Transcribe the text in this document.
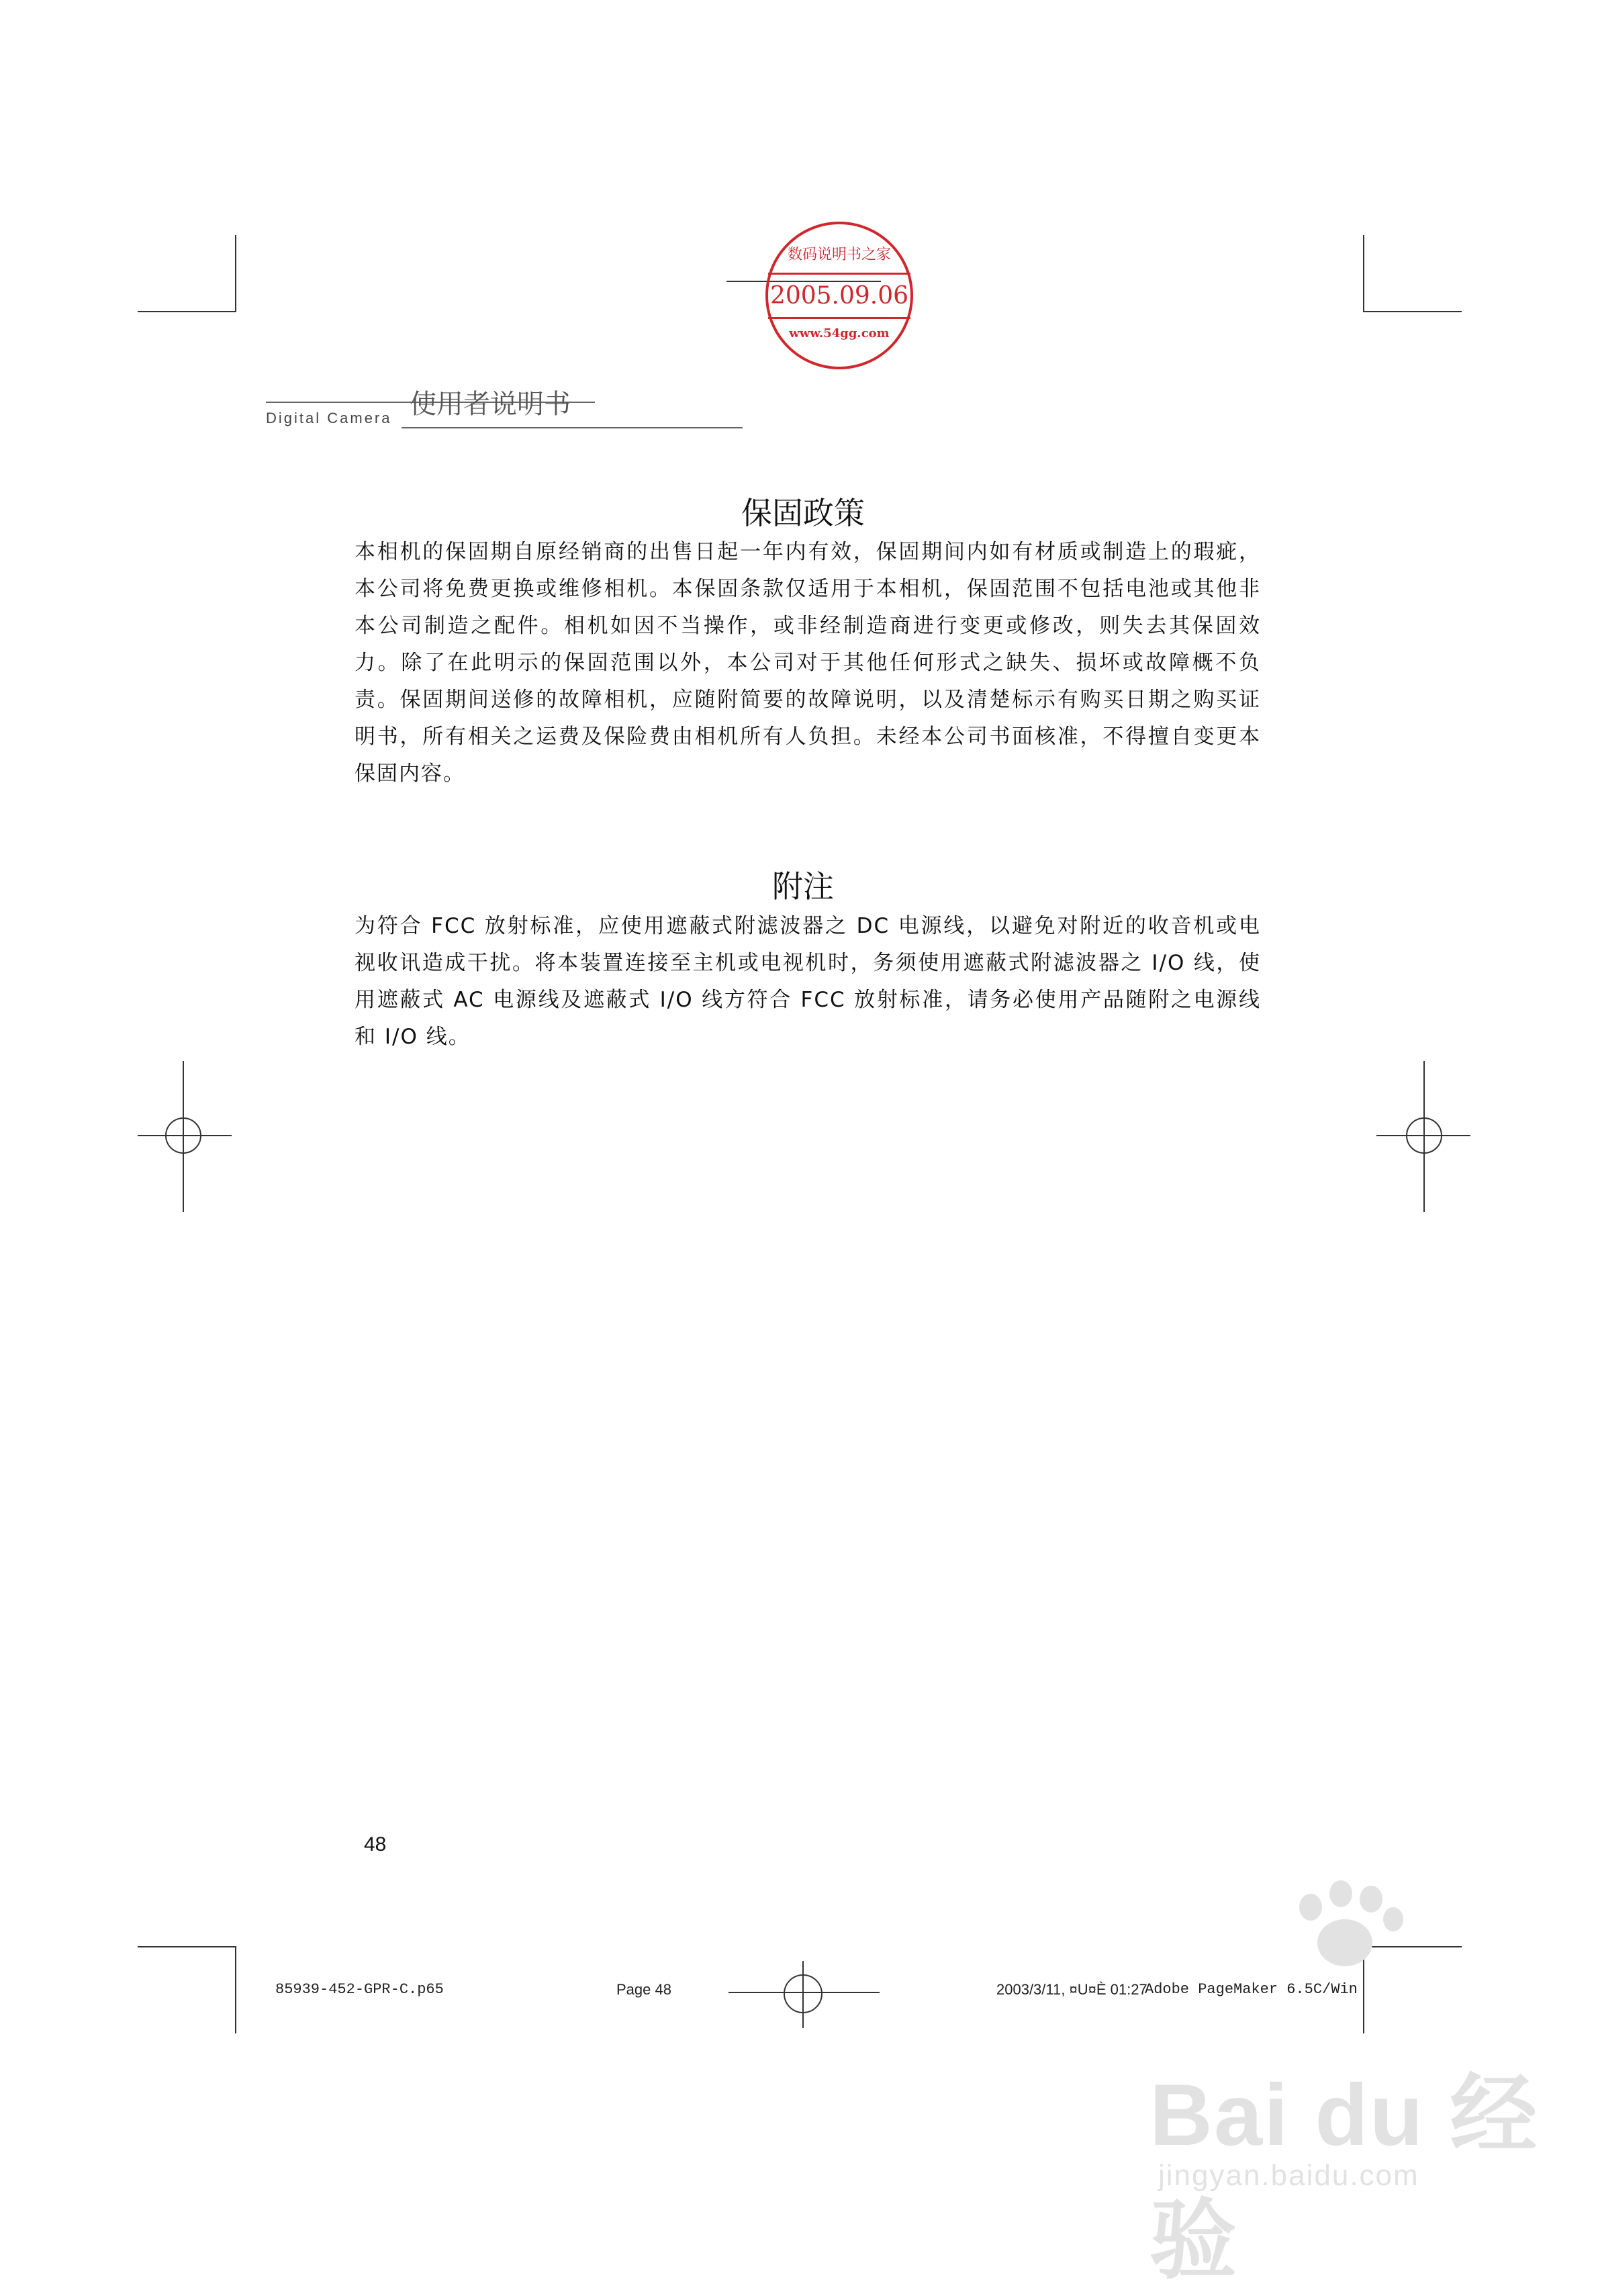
数码说明书之家
2005.09.06
www.54gg.com
Digital Camera 使用者说明书
保固政策
本相机的保固期自原经销商的出售日起一年内有效，保固期间内如有材质或制造上的瑕疵，本公司将免费更换或维修相机。本保固条款仅适用于本相机，保固范围不包括电池或其他非本公司制造之配件。相机如因不当操作，或非经制造商进行变更或修改，则失去其保固效力。除了在此明示的保固范围以外，本公司对于其他任何形式之缺失、损坏或故障概不负责。保固期间送修的故障相机，应随附简要的故障说明，以及清楚标示有购买日期之购买证明书，所有相关之运费及保险费由相机所有人负担。未经本公司书面核准，不得擅自变更本保固内容。
附注
为符合 FCC 放射标准，应使用遮蔽式附滤波器之 DC 电源线，以避免对附近的收音机或电视收讯造成干扰。将本装置连接至主机或电视机时，务须使用遮蔽式附滤波器之 I/O 线，使用遮蔽式 AC 电源线及遮蔽式 I/O 线方符合 FCC 放射标准，请务必使用产品随附之电源线和 I/O 线。
48
85939-452-GPR-C.p65	Page 48	2003/3/11, ¤U¤È 01:27
Adobe PageMaker 6.5C/Win
Bai du 经验
jingyan.baidu.com
